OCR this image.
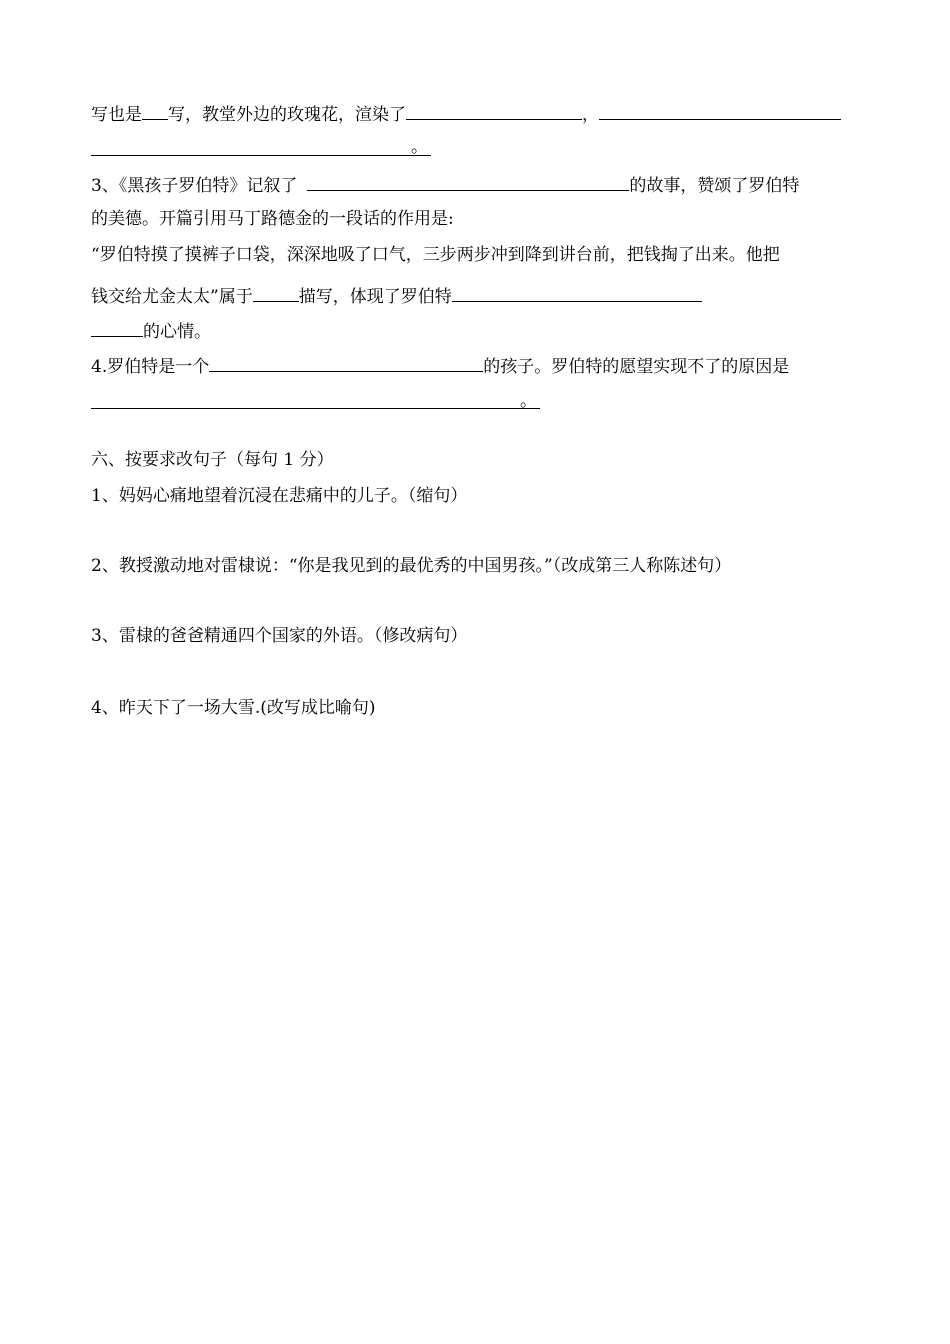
写也是 写，教堂外边的玫瑰花，渲染了	，
。
3、《黑孩子罗伯特》记叙了	的故事，赞颂了罗伯特
的美德。开篇引用马丁路德金的一段话的作用是:
“罗伯特摸了摸裤子口袋，深深地吸了口气，三步两步冲到降到讲台前，把钱掏了出来。他把
钱交给尤金太太”属于	描写，体现了罗伯特
的心情。
4.罗伯特是一个	的孩子。罗伯特的愿望实现不了的原因是
。
六、按要求改句子（每句 1 分）
1、妈妈心痛地望着沉浸在悲痛中的儿子。（缩句）
2、教授激动地对雷棣说：“你是我见到的最优秀的中国男孩。”（改成第三人称陈述句）
3、雷棣的爸爸精通四个国家的外语。（修改病句）
4、昨天下了一场大雪.(改写成比喻句)
